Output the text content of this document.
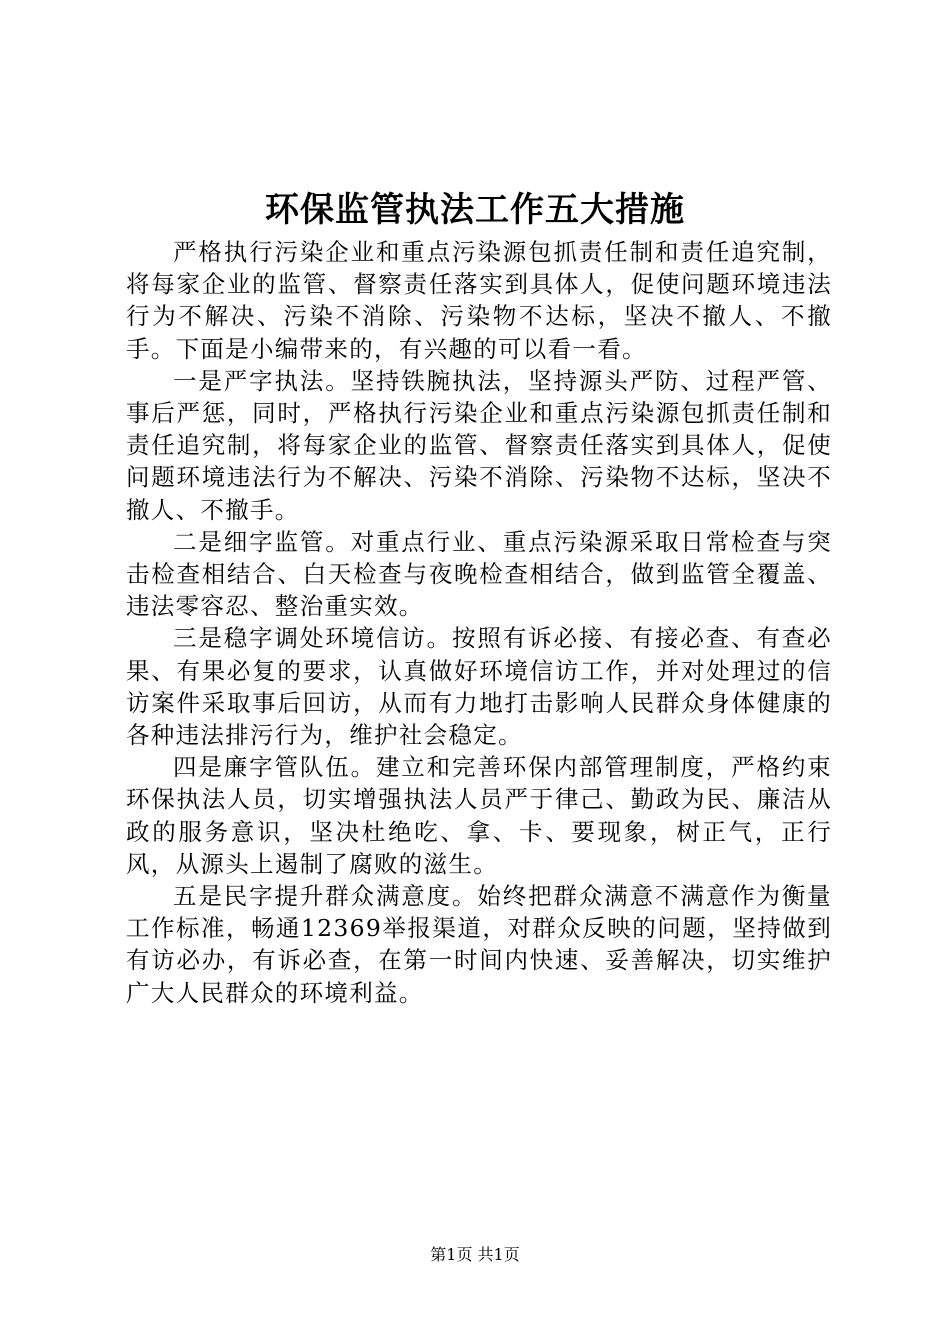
环保监管执法工作五大措施

严格执行污染企业和重点污染源包抓责任制和责任追究制，将每家企业的监管、督察责任落实到具体人，促使问题环境违法行为不解决、污染不消除、污染物不达标，坚决不撤人、不撤手。下面是小编带来的，有兴趣的可以看一看。

一是严字执法。坚持铁腕执法，坚持源头严防、过程严管、事后严惩，同时，严格执行污染企业和重点污染源包抓责任制和责任追究制，将每家企业的监管、督察责任落实到具体人，促使问题环境违法行为不解决、污染不消除、污染物不达标，坚决不撤人、不撤手。

二是细字监管。对重点行业、重点污染源采取日常检查与突击检查相结合、白天检查与夜晚检查相结合，做到监管全覆盖、违法零容忍、整治重实效。

三是稳字调处环境信访。按照有诉必接、有接必查、有查必果、有果必复的要求，认真做好环境信访工作，并对处理过的信访案件采取事后回访，从而有力地打击影响人民群众身体健康的各种违法排污行为，维护社会稳定。

四是廉字管队伍。建立和完善环保内部管理制度，严格约束环保执法人员，切实增强执法人员严于律己、勤政为民、廉洁从政的服务意识，坚决杜绝吃、拿、卡、要现象，树正气，正行风，从源头上遏制了腐败的滋生。

五是民字提升群众满意度。始终把群众满意不满意作为衡量工作标准，畅通12369举报渠道，对群众反映的问题，坚持做到有访必办，有诉必查，在第一时间内快速、妥善解决，切实维护广大人民群众的环境利益。

第1页 共1页
